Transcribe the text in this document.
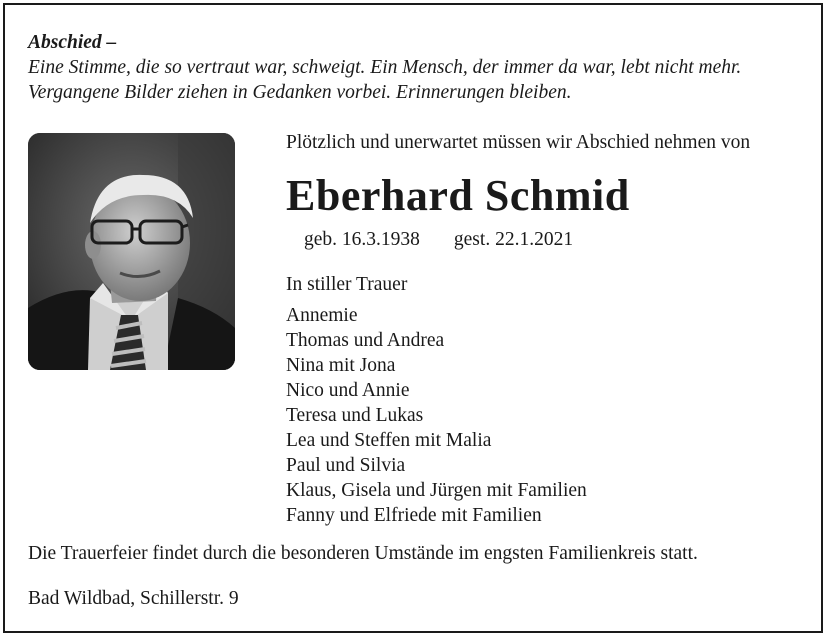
Abschied –
Eine Stimme, die so vertraut war, schweigt. Ein Mensch, der immer da war, lebt nicht mehr.
Vergangene Bilder ziehen in Gedanken vorbei. Erinnerungen bleiben.

Plötzlich und unerwartet müssen wir Abschied nehmen von

Eberhard Schmid
geb. 16.3.1938 gest. 22.1.2021
In stiller Trauer
Annemie
Thomas und Andrea
Nina mit Jona
Nico und Annie
Teresa und Lukas
Lea und Steffen mit Malia
Paul und Silvia
Klaus, Gisela und Jürgen mit Familien
Fanny und Elfriede mit Familien
Die Trauerfeier findet durch die besonderen Umstände im engsten Familienkreis statt.
Bad Wildbad, Schillerstr. 9
